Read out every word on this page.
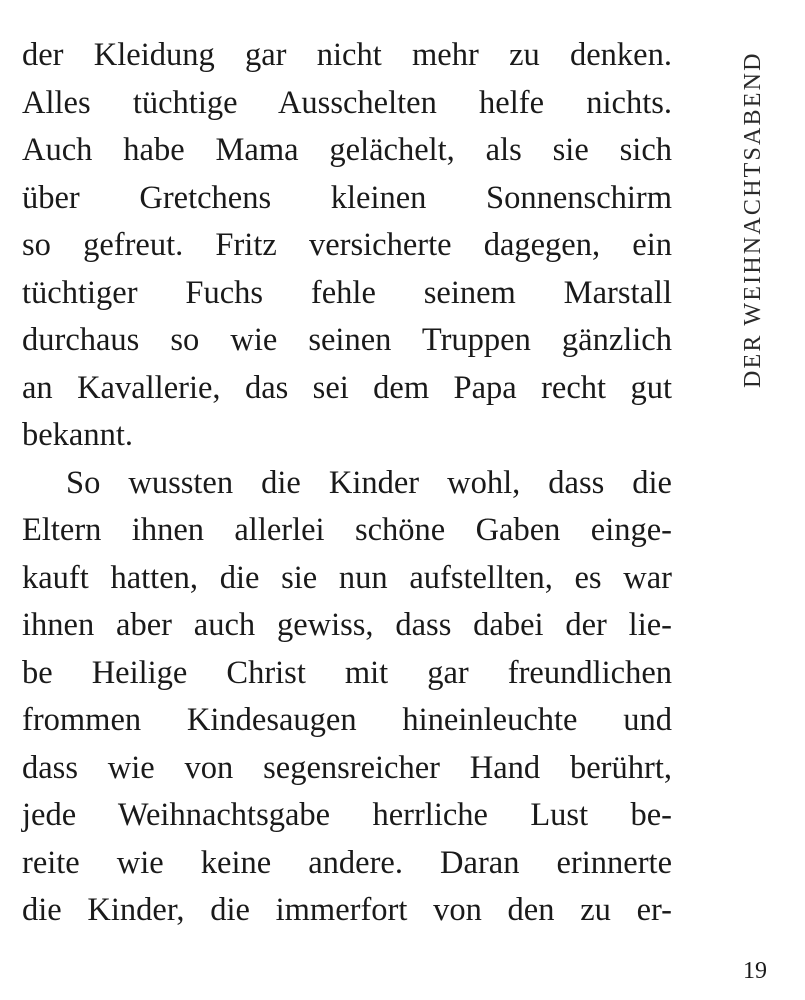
der Kleidung gar nicht mehr zu denken.
Alles tüchtige Ausschelten helfe nichts.
Auch habe Mama gelächelt, als sie sich
über Gretchens kleinen Sonnenschirm
so gefreut. Fritz versicherte dagegen, ein
tüchtiger Fuchs fehle seinem Marstall
durchaus so wie seinen Truppen gänzlich
an Kavallerie, das sei dem Papa recht gut
bekannt.
So wussten die Kinder wohl, dass die
Eltern ihnen allerlei schöne Gaben einge-
kauft hatten, die sie nun aufstellten, es war
ihnen aber auch gewiss, dass dabei der lie-
be Heilige Christ mit gar freundlichen
frommen Kindesaugen hineinleuchte und
dass wie von segensreicher Hand berührt,
jede Weihnachtsgabe herrliche Lust be-
reite wie keine andere. Daran erinnerte
die Kinder, die immerfort von den zu er-
DER WEIHNACHTSABEND
19
